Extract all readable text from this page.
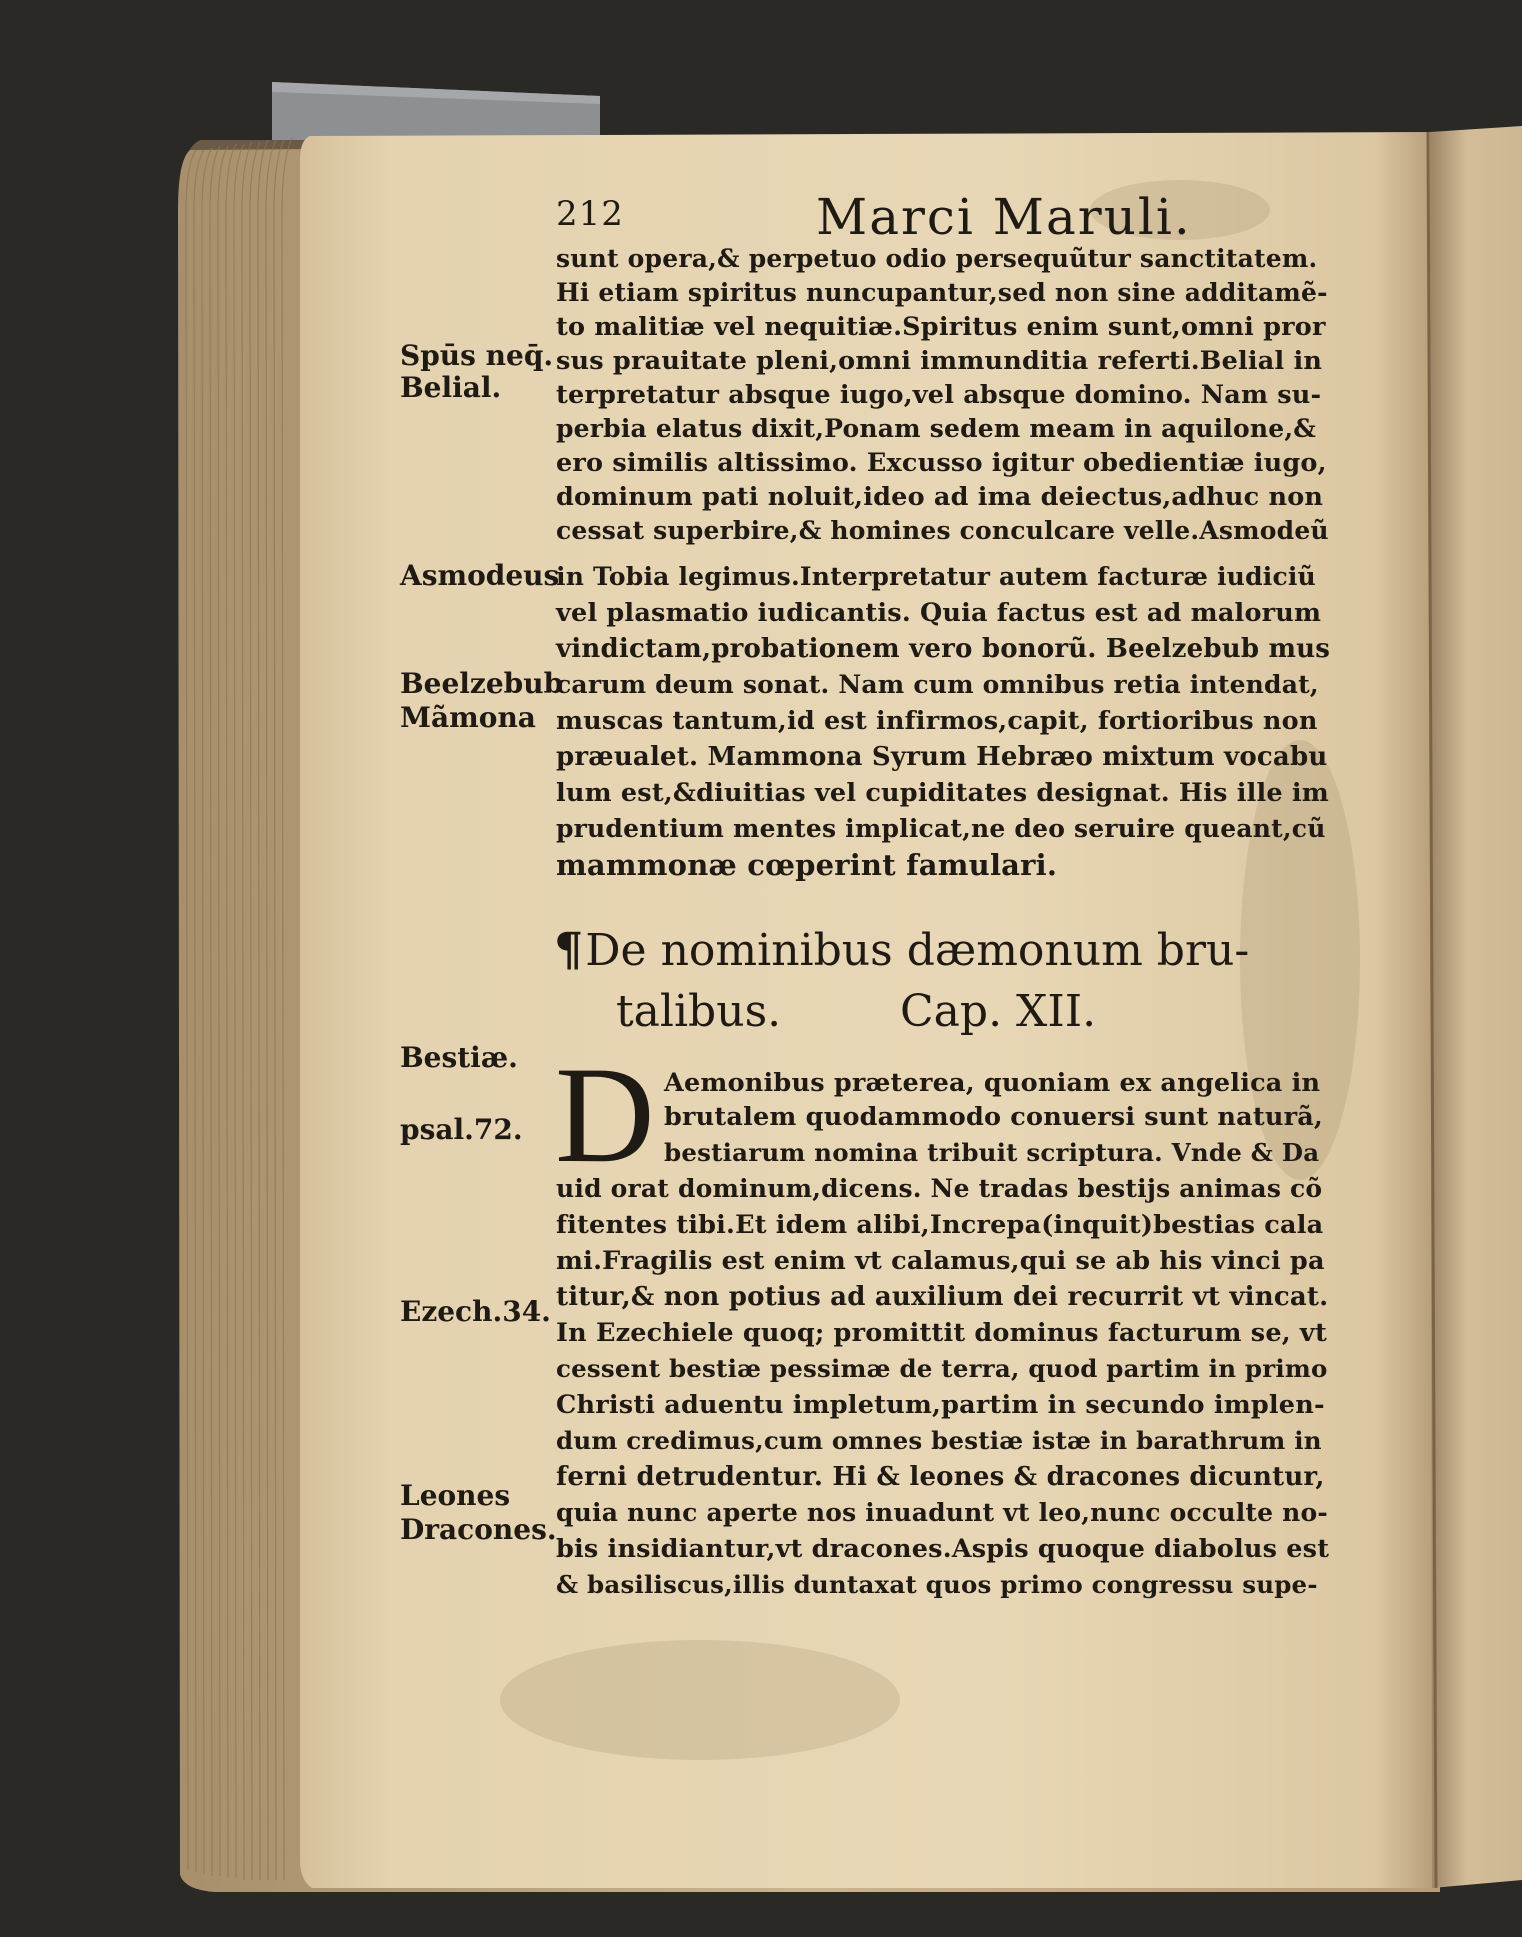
212	Marci Maruli.
Spūs neq̄.
Belial.
Asmodeus
Beelzebub
Mãmona
Bestiæ.
psal.72.
Ezech.34.
Leones
Dracones.
sunt opera,& perpetuo odio persequũtur sanctitatem.
Hi etiam spiritus nuncupantur,sed non sine additamẽ-
to malitiæ vel nequitiæ.Spiritus enim sunt,omni pror
sus prauitate pleni,omni immunditia referti.Belial in
terpretatur absque iugo,vel absque domino. Nam su-
perbia elatus dixit,Ponam sedem meam in aquilone,&
ero similis altissimo. Excusso igitur obedientiæ iugo,
dominum pati noluit,ideo ad ima deiectus,adhuc non
cessat superbire,& homines conculcare velle.Asmodeũ
in Tobia legimus.Interpretatur autem facturæ iudiciũ
vel plasmatio iudicantis. Quia factus est ad malorum
vindictam,probationem vero bonorũ. Beelzebub mus
carum deum sonat. Nam cum omnibus retia intendat,
muscas tantum,id est infirmos,capit, fortioribus non
præualet. Mammona Syrum Hebræo mixtum vocabu
lum est,&diuitias vel cupiditates designat. His ille im
prudentium mentes implicat,ne deo seruire queant,cũ
mammonæ cœperint famulari.
¶De nominibus dæmonum bru-
talibus.	Cap. XII.
D Aemonibus præterea, quoniam ex angelica in
brutalem quodammodo conuersi sunt naturã,
bestiarum nomina tribuit scriptura. Vnde & Da
uid orat dominum,dicens. Ne tradas bestijs animas cõ
fitentes tibi.Et idem alibi,Increpa(inquit)bestias cala
mi.Fragilis est enim vt calamus,qui se ab his vinci pa
titur,& non potius ad auxilium dei recurrit vt vincat.
In Ezechiele quoq; promittit dominus facturum se, vt
cessent bestiæ pessimæ de terra, quod partim in primo
Christi aduentu impletum,partim in secundo implen-
dum credimus,cum omnes bestiæ istæ in barathrum in
ferni detrudentur. Hi & leones & dracones dicuntur,
quia nunc aperte nos inuadunt vt leo,nunc occulte no-
bis insidiantur,vt dracones.Aspis quoque diabolus est
& basiliscus,illis duntaxat quos primo congressu supe-
